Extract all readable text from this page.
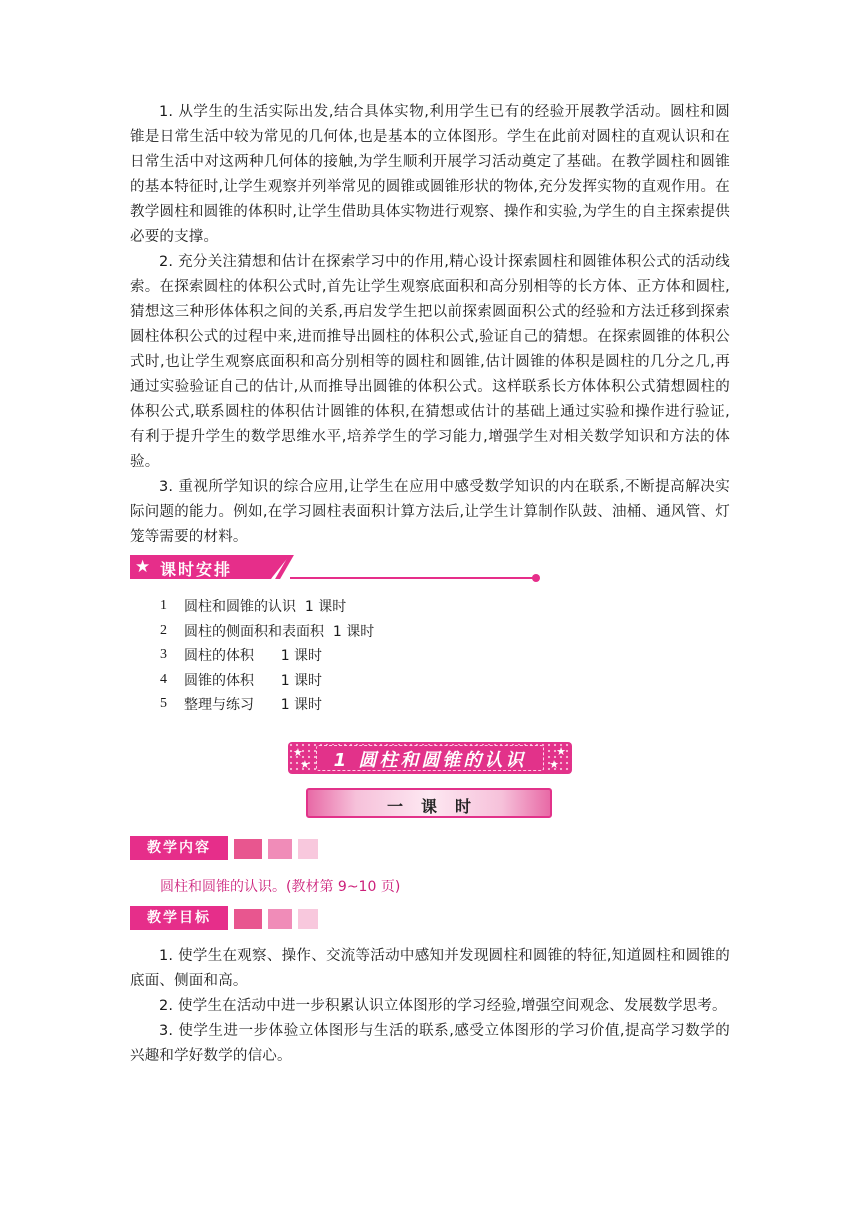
1. 从学生的生活实际出发,结合具体实物,利用学生已有的经验开展教学活动。圆柱和圆锥是日常生活中较为常见的几何体,也是基本的立体图形。学生在此前对圆柱的直观认识和在日常生活中对这两种几何体的接触,为学生顺利开展学习活动奠定了基础。在教学圆柱和圆锥的基本特征时,让学生观察并列举常见的圆锥或圆锥形状的物体,充分发挥实物的直观作用。在教学圆柱和圆锥的体积时,让学生借助具体实物进行观察、操作和实验,为学生的自主探索提供必要的支撑。

2. 充分关注猜想和估计在探索学习中的作用,精心设计探索圆柱和圆锥体积公式的活动线索。在探索圆柱的体积公式时,首先让学生观察底面积和高分别相等的长方体、正方体和圆柱,猜想这三种形体体积之间的关系,再启发学生把以前探索圆面积公式的经验和方法迁移到探索圆柱体积公式的过程中来,进而推导出圆柱的体积公式,验证自己的猜想。在探索圆锥的体积公式时,也让学生观察底面积和高分别相等的圆柱和圆锥,估计圆锥的体积是圆柱的几分之几,再通过实验验证自己的估计,从而推导出圆锥的体积公式。这样联系长方体体积公式猜想圆柱的体积公式,联系圆柱的体积估计圆锥的体积,在猜想或估计的基础上通过实验和操作进行验证,有利于提升学生的数学思维水平,培养学生的学习能力,增强学生对相关数学知识和方法的体验。

3. 重视所学知识的综合应用,让学生在应用中感受数学知识的内在联系,不断提高解决实际问题的能力。例如,在学习圆柱表面积计算方法后,让学生计算制作队鼓、油桶、通风管、灯笼等需要的材料。

★ 课时安排
1	圆柱和圆锥的认识  1 课时
2	圆柱的侧面积和表面积  1 课时
3	圆柱的体积      1 课时
4	圆锥的体积      1 课时
5	整理与练习      1 课时
★
★
★
★
1 圆柱和圆锥的认识
一课时
教学内容
圆柱和圆锥的认识。(教材第 9~10 页)
教学目标

1. 使学生在观察、操作、交流等活动中感知并发现圆柱和圆锥的特征,知道圆柱和圆锥的底面、侧面和高。

2. 使学生在活动中进一步积累认识立体图形的学习经验,增强空间观念、发展数学思考。

3. 使学生进一步体验立体图形与生活的联系,感受立体图形的学习价值,提高学习数学的兴趣和学好数学的信心。
